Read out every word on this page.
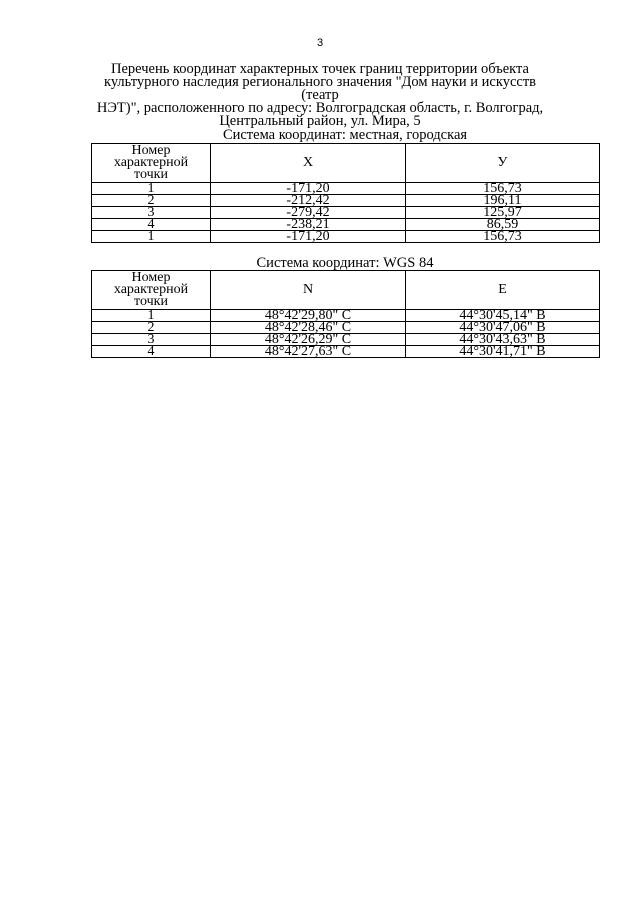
3
Перечень координат характерных точек границ территории объекта
культурного наследия регионального значения "Дом науки и искусств (театр
НЭТ)", расположенного по адресу: Волгоградская область, г. Волгоград,
Центральный район, ул. Мира, 5
Система координат: местная, городская
Номер
характерной
точки	X	У
1	-171,20	156,73
2	-212,42	196,11
3	-279,42	125,97
4	-238,21	86,59
1	-171,20	156,73
Система координат: WGS 84
Номер
характерной
точки	N	E
1	48°42'29,80" С	44°30'45,14" В
2	48°42'28,46" С	44°30'47,06" В
3	48°42'26,29" С	44°30'43,63" В
4	48°42'27,63" С	44°30'41,71" В
